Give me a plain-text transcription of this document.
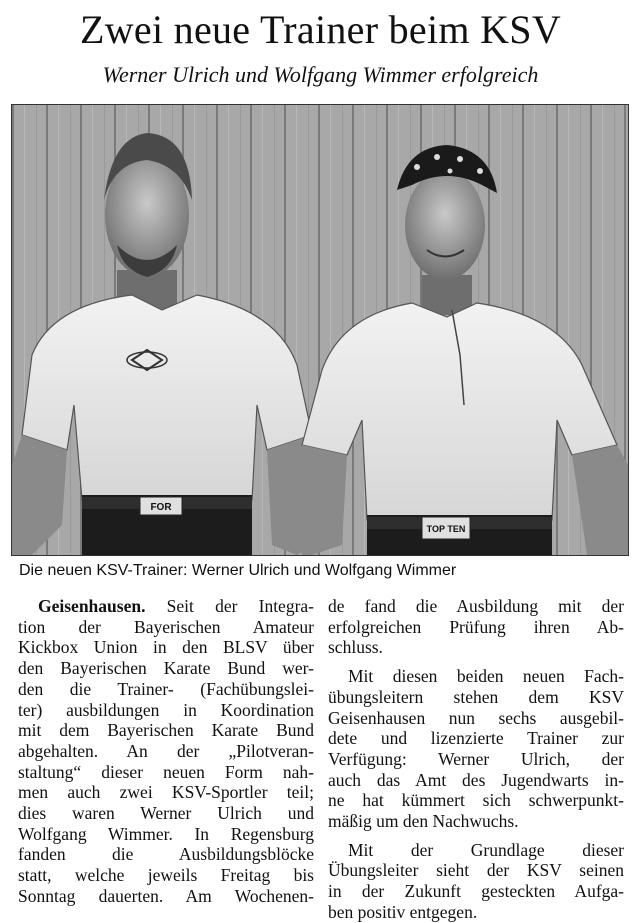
Zwei neue Trainer beim KSV
Werner Ulrich und Wolfgang Wimmer erfolgreich
FOR
TOP TEN
Die neuen KSV-Trainer: Werner Ulrich und Wolfgang Wimmer

Geisenhausen. Seit der Integra-
tion der Bayerischen Amateur
Kickbox Union in den BLSV über
den Bayerischen Karate Bund wer-
den die Trainer- (Fachübungslei-
ter) ausbildungen in Koordination
mit dem Bayerischen Karate Bund
abgehalten. An der „Pilotveran-
staltung“ dieser neuen Form nah-
men auch zwei KSV-Sportler teil;
dies waren Werner Ulrich und
Wolfgang Wimmer. In Regensburg
fanden die Ausbildungsblöcke
statt, welche jeweils Freitag bis
Sonntag dauerten. Am Wochenen-

de fand die Ausbildung mit der
erfolgreichen Prüfung ihren Ab-
schluss.

Mit diesen beiden neuen Fach-
übungsleitern stehen dem KSV
Geisenhausen nun sechs ausgebil-
dete und lizenzierte Trainer zur
Verfügung: Werner Ulrich, der
auch das Amt des Jugendwarts in-
ne hat kümmert sich schwerpunkt-
mäßig um den Nachwuchs.

Mit der Grundlage dieser
Übungsleiter sieht der KSV seinen
in der Zukunft gesteckten Aufga-
ben positiv entgegen.
